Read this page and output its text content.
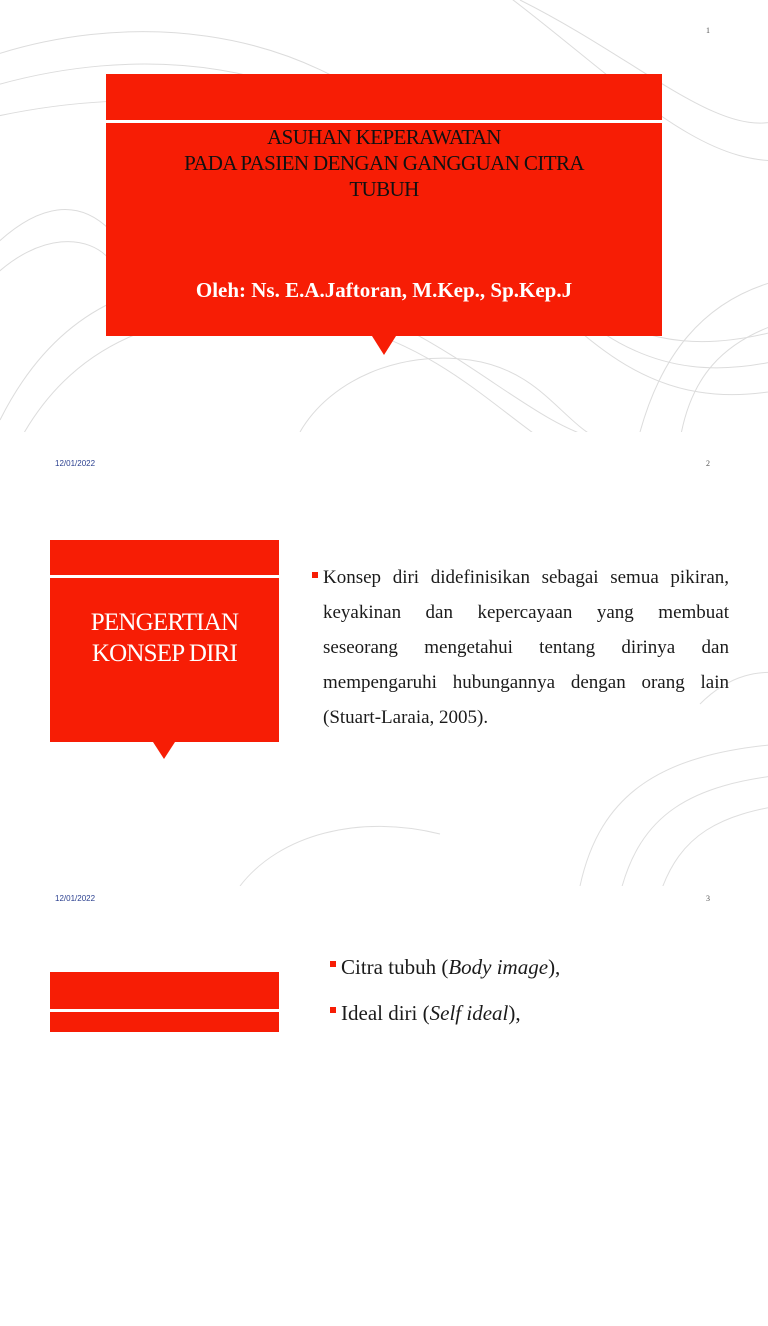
1
ASUHAN KEPERAWATAN
PADA PASIEN DENGAN GANGGUAN CITRA
TUBUH
Oleh: Ns. E.A.Jaftoran, M.Kep., Sp.Kep.J
12/01/2022	2
PENGERTIAN
KONSEP DIRI
Konsep diri didefinisikan sebagai semua pikiran, keyakinan dan kepercayaan yang membuat seseorang mengetahui tentang dirinya dan mempengaruhi hubungannya dengan orang lain (Stuart-Laraia, 2005).
12/01/2022	3
Citra tubuh (Body image),
Ideal diri (Self ideal),
